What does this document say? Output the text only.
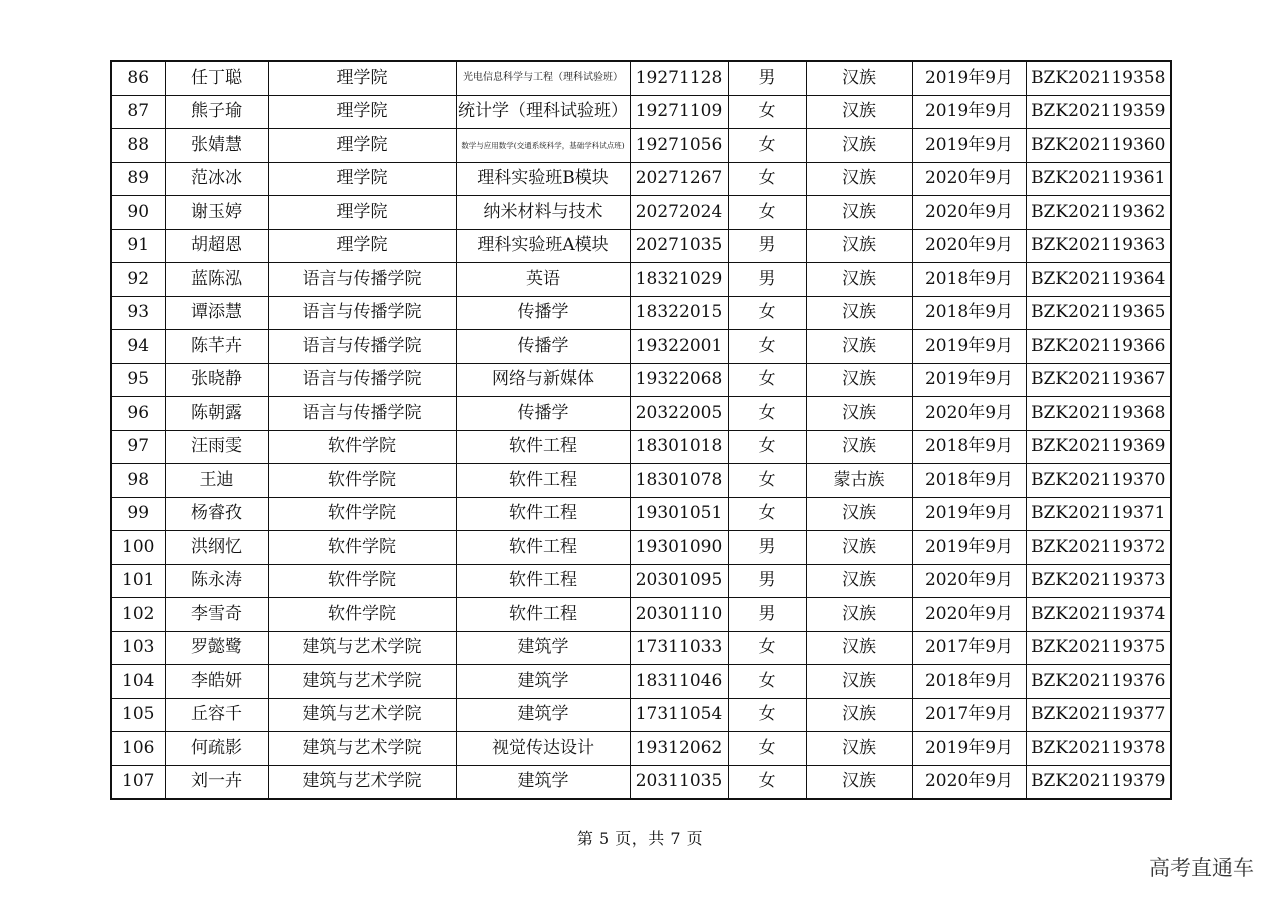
86	任丁聪	理学院	光电信息科学与工程（理科试验班）	19271128	男	汉族	2019年9月	BZK202119358
87	熊子瑜	理学院	统计学（理科试验班）	19271109	女	汉族	2019年9月	BZK202119359
88	张婧慧	理学院	数学与应用数学(交通系统科学，基础学科试点班)	19271056	女	汉族	2019年9月	BZK202119360
89	范冰冰	理学院	理科实验班B模块	20271267	女	汉族	2020年9月	BZK202119361
90	谢玉婷	理学院	纳米材料与技术	20272024	女	汉族	2020年9月	BZK202119362
91	胡超恩	理学院	理科实验班A模块	20271035	男	汉族	2020年9月	BZK202119363
92	蓝陈泓	语言与传播学院	英语	18321029	男	汉族	2018年9月	BZK202119364
93	谭添慧	语言与传播学院	传播学	18322015	女	汉族	2018年9月	BZK202119365
94	陈芊卉	语言与传播学院	传播学	19322001	女	汉族	2019年9月	BZK202119366
95	张晓静	语言与传播学院	网络与新媒体	19322068	女	汉族	2019年9月	BZK202119367
96	陈朝露	语言与传播学院	传播学	20322005	女	汉族	2020年9月	BZK202119368
97	汪雨雯	软件学院	软件工程	18301018	女	汉族	2018年9月	BZK202119369
98	王迪	软件学院	软件工程	18301078	女	蒙古族	2018年9月	BZK202119370
99	杨睿孜	软件学院	软件工程	19301051	女	汉族	2019年9月	BZK202119371
100	洪纲忆	软件学院	软件工程	19301090	男	汉族	2019年9月	BZK202119372
101	陈永涛	软件学院	软件工程	20301095	男	汉族	2020年9月	BZK202119373
102	李雪奇	软件学院	软件工程	20301110	男	汉族	2020年9月	BZK202119374
103	罗懿鹭	建筑与艺术学院	建筑学	17311033	女	汉族	2017年9月	BZK202119375
104	李皓妍	建筑与艺术学院	建筑学	18311046	女	汉族	2018年9月	BZK202119376
105	丘容千	建筑与艺术学院	建筑学	17311054	女	汉族	2017年9月	BZK202119377
106	何疏影	建筑与艺术学院	视觉传达设计	19312062	女	汉族	2019年9月	BZK202119378
107	刘一卉	建筑与艺术学院	建筑学	20311035	女	汉族	2020年9月	BZK202119379
第 5 页，共 7 页
高考直通车
